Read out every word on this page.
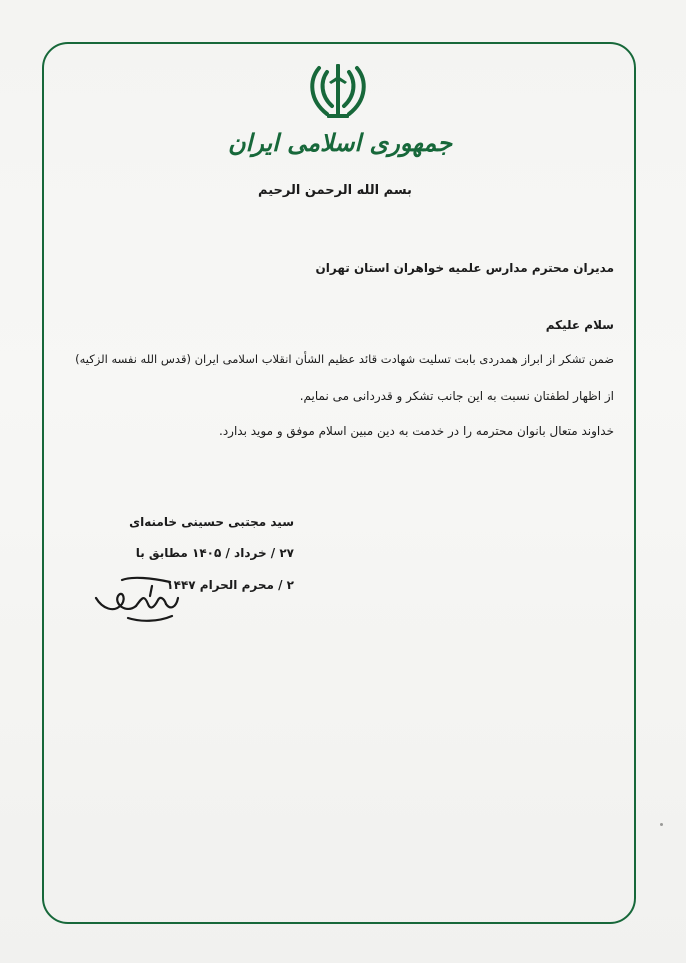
جمهوری اسلامی ایران
بسم الله الرحمن الرحیم
مدیران محترم مدارس علمیه خواهران استان تهران
سلام علیکم
ضمن تشکر از ابراز همدردی بابت تسلیت شهادت قائد عظیم الشأن انقلاب اسلامی ایران (قدس الله نفسه الزکیه)
از اظهار لطفتان نسبت به این جانب تشکر و قدردانی می نمایم.
خداوند متعال بانوان محترمه را در خدمت به دین مبین اسلام موفق و موید بدارد.
سید مجتبی حسینی خامنه‌ای
۲۷ / خرداد / ۱۴۰۵ مطابق با
۲ / محرم الحرام ۱۴۴۷
